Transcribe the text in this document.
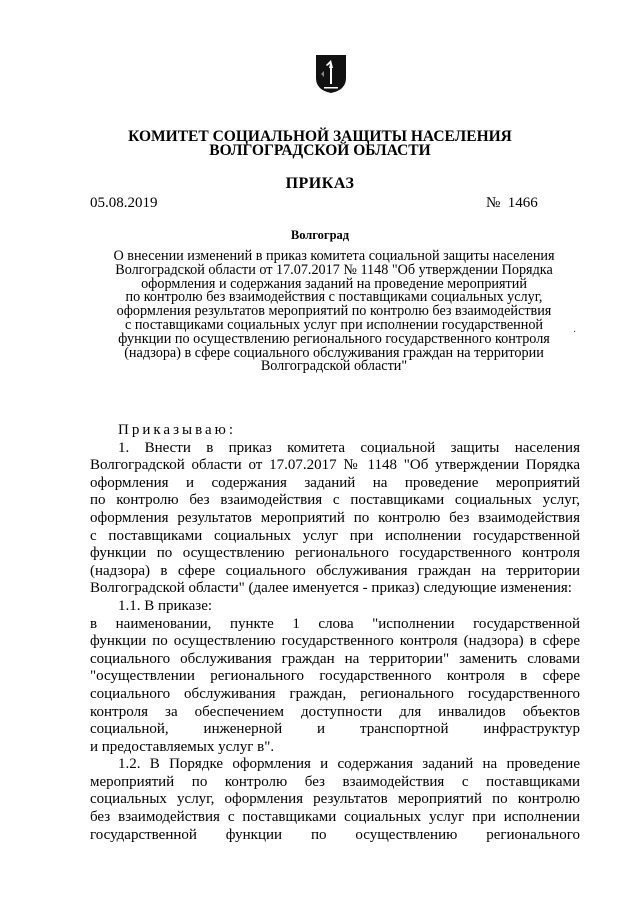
КОМИТЕТ СОЦИАЛЬНОЙ ЗАЩИТЫ НАСЕЛЕНИЯ
ВОЛГОГРАДСКОЙ ОБЛАСТИ
ПРИКАЗ
05.08.2019	№  1466
Волгоград
О внесении изменений в приказ комитета социальной защиты населения
Волгоградской области от 17.07.2017 № 1148 "Об утверждении Порядка
оформления и содержания заданий на проведение мероприятий
по контролю без взаимодействия с поставщиками социальных услуг,
оформления результатов мероприятий по контролю без взаимодействия
с поставщиками социальных услуг при исполнении государственной
функции по осуществлению регионального государственного контроля
(надзора) в сфере социального обслуживания граждан на территории
Волгоградской области"
·
Приказываю:
1. Внести в приказ комитета социальной защиты населения
Волгоградской области от 17.07.2017 № 1148 "Об утверждении Порядка
оформления и содержания заданий на проведение мероприятий
по контролю без взаимодействия с поставщиками социальных услуг,
оформления результатов мероприятий по контролю без взаимодействия
с поставщиками социальных услуг при исполнении государственной
функции по осуществлению регионального государственного контроля
(надзора) в сфере социального обслуживания граждан на территории
Волгоградской области" (далее именуется - приказ) следующие изменения:
1.1. В приказе:
в наименовании, пункте 1 слова "исполнении государственной
функции по осуществлению государственного контроля (надзора) в сфере
социального обслуживания граждан на территории" заменить словами
"осуществлении регионального государственного контроля в сфере
социального обслуживания граждан, регионального государственного
контроля за обеспечением доступности для инвалидов объектов
социальной, инженерной и транспортной инфраструктур
и предоставляемых услуг в".
1.2. В Порядке оформления и содержания заданий на проведение
мероприятий по контролю без взаимодействия с поставщиками
социальных услуг, оформления результатов мероприятий по контролю
без взаимодействия с поставщиками социальных услуг при исполнении
государственной функции по осуществлению регионального
